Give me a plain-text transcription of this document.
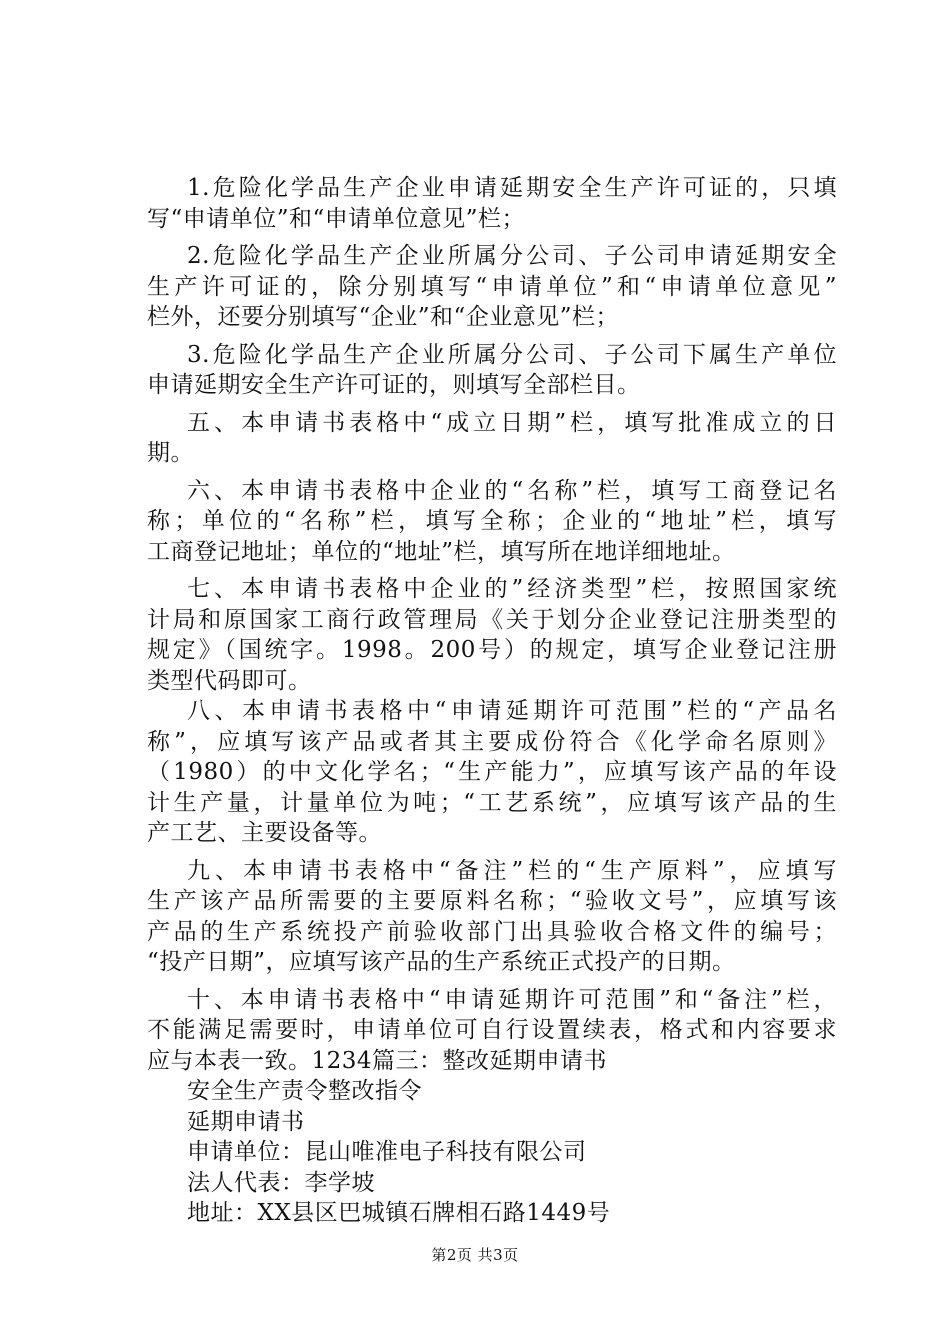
1.危险化学品生产企业申请延期安全生产许可证的，只填
写“申请单位”和“申请单位意见”栏；
2.危险化学品生产企业所属分公司、子公司申请延期安全
生产许可证的，除分别填写“申请单位”和“申请单位意见”
栏外，还要分别填写“企业”和“企业意见”栏；
3.危险化学品生产企业所属分公司、子公司下属生产单位
申请延期安全生产许可证的，则填写全部栏目。
五、本申请书表格中“成立日期”栏，填写批准成立的日
期。
六、本申请书表格中企业的“名称”栏，填写工商登记名
称；单位的“名称”栏，填写全称；企业的“地址”栏，填写
工商登记地址；单位的“地址”栏，填写所在地详细地址。
七、本申请书表格中企业的”经济类型”栏，按照国家统
计局和原国家工商行政管理局《关于划分企业登记注册类型的
规定》（国统字。1998。200号）的规定，填写企业登记注册
类型代码即可。
八、本申请书表格中“申请延期许可范围”栏的“产品名
称”，应填写该产品或者其主要成份符合《化学命名原则》
（1980）的中文化学名；“生产能力”，应填写该产品的年设
计生产量，计量单位为吨；“工艺系统”，应填写该产品的生
产工艺、主要设备等。
九、本申请书表格中“备注”栏的“生产原料”，应填写
生产该产品所需要的主要原料名称；“验收文号”，应填写该
产品的生产系统投产前验收部门出具验收合格文件的编号；
“投产日期”，应填写该产品的生产系统正式投产的日期。
十、本申请书表格中“申请延期许可范围”和“备注”栏，
不能满足需要时，申请单位可自行设置续表，格式和内容要求
应与本表一致。1234篇三：整改延期申请书
安全生产责令整改指令
延期申请书
申请单位：昆山唯准电子科技有限公司
法人代表：李学坡
地址：XX县区巴城镇石牌相石路1449号
第2页 共3页
